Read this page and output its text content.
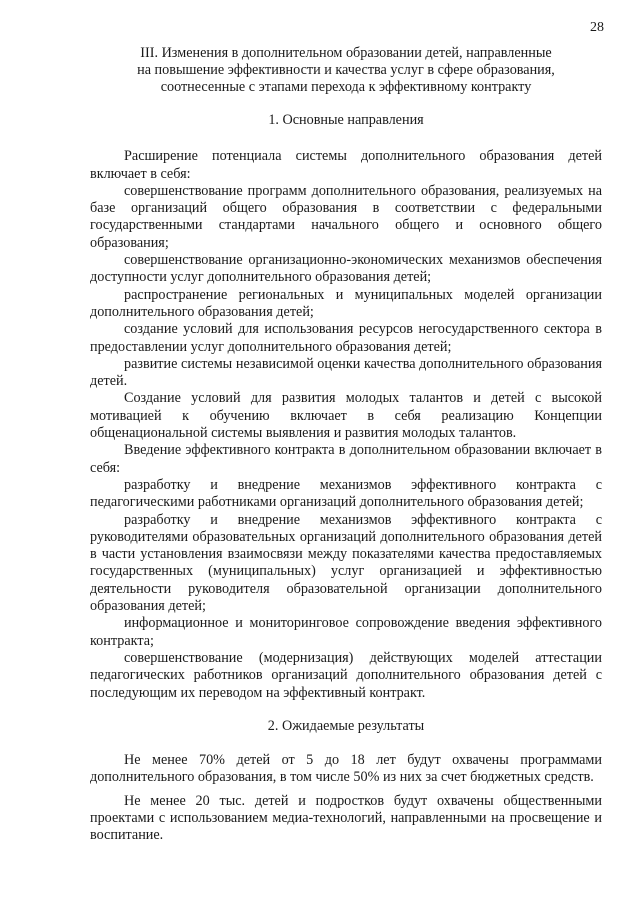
28
III. Изменения в дополнительном образовании детей, направленные
на повышение эффективности и качества услуг в сфере образования,
соотнесенные с этапами перехода к эффективному контракту
1. Основные направления

Расширение потенциала системы дополнительного образования детей включает в себя:

совершенствование программ дополнительного образования, реализуемых на базе организаций общего образования в соответствии с федеральными государственными стандартами начального общего и основного общего образования;

совершенствование организационно-экономических механизмов обеспечения доступности услуг дополнительного образования детей;

распространение региональных и муниципальных моделей организации дополнительного образования детей;

создание условий для использования ресурсов негосударственного сектора в предоставлении услуг дополнительного образования детей;

развитие системы независимой оценки качества дополнительного образования детей.

Создание условий для развития молодых талантов и детей с высокой мотивацией к обучению включает в себя реализацию Концепции общенациональной системы выявления и развития молодых талантов.

Введение эффективного контракта в дополнительном образовании включает в себя:

разработку и внедрение механизмов эффективного контракта с педагогическими работниками организаций дополнительного образования детей;

разработку и внедрение механизмов эффективного контракта с руководителями образовательных организаций дополнительного образования детей в части установления взаимосвязи между показателями качества предоставляемых государственных (муниципальных) услуг организацией и эффективностью деятельности руководителя образовательной организации дополнительного образования детей;

информационное и мониторинговое сопровождение введения эффективного контракта;

совершенствование (модернизация) действующих моделей аттестации педагогических работников организаций дополнительного образования детей с последующим их переводом на эффективный контракт.

2. Ожидаемые результаты

Не менее 70% детей от 5 до 18 лет будут охвачены программами дополнительного образования, в том числе 50% из них за счет бюджетных средств.

Не менее 20 тыс. детей и подростков будут охвачены общественными проектами с использованием медиа-технологий, направленными на просвещение и воспитание.
